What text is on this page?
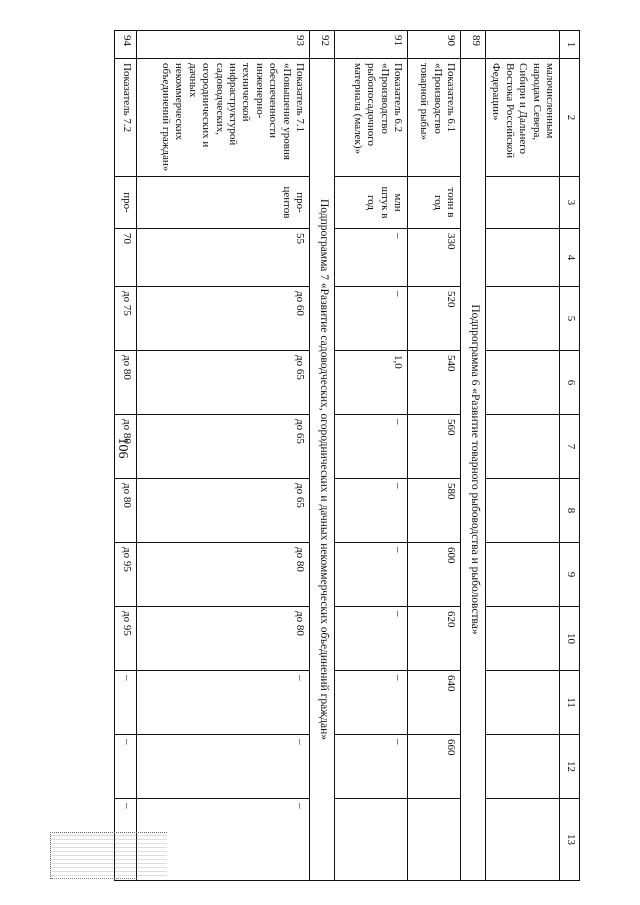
106
1	2	3	4	5	6	7	8	9	10	11	12	13
	малочисленным народам Севера, Сибири и Дальнего Востока Российской Федерации»											
89	Подпрограмма 6 «Развитие товарного рыбоводства и рыболовства»											
90	Показатель 6.1 «Производство товарной рыбы»	тонн в год	330	520	540	560	580	600	620	640	660	
91	Показатель 6.2 «Производство рыбопосадочного материала (малек)»	млн штук в год	–	–	1,0	–	–	–	–	–	–	
92	Подпрограмма 7 «Развитие садоводческих, огороднических и дачных некоммерческих объединений граждан»											
93	Показатель 7.1 «Повышение уровня обеспеченности инженерно-технической инфраструктурой садоводческих, огороднических и дачных некоммерческих объединений граждан»	про-центов	55	до 60	до 65	до 65	до 65	до 80	до 80	–	–	–
94	Показатель 7.2	про-	70	до 75	до 80	до 80	до 80	до 95	до 95	–	–	–
